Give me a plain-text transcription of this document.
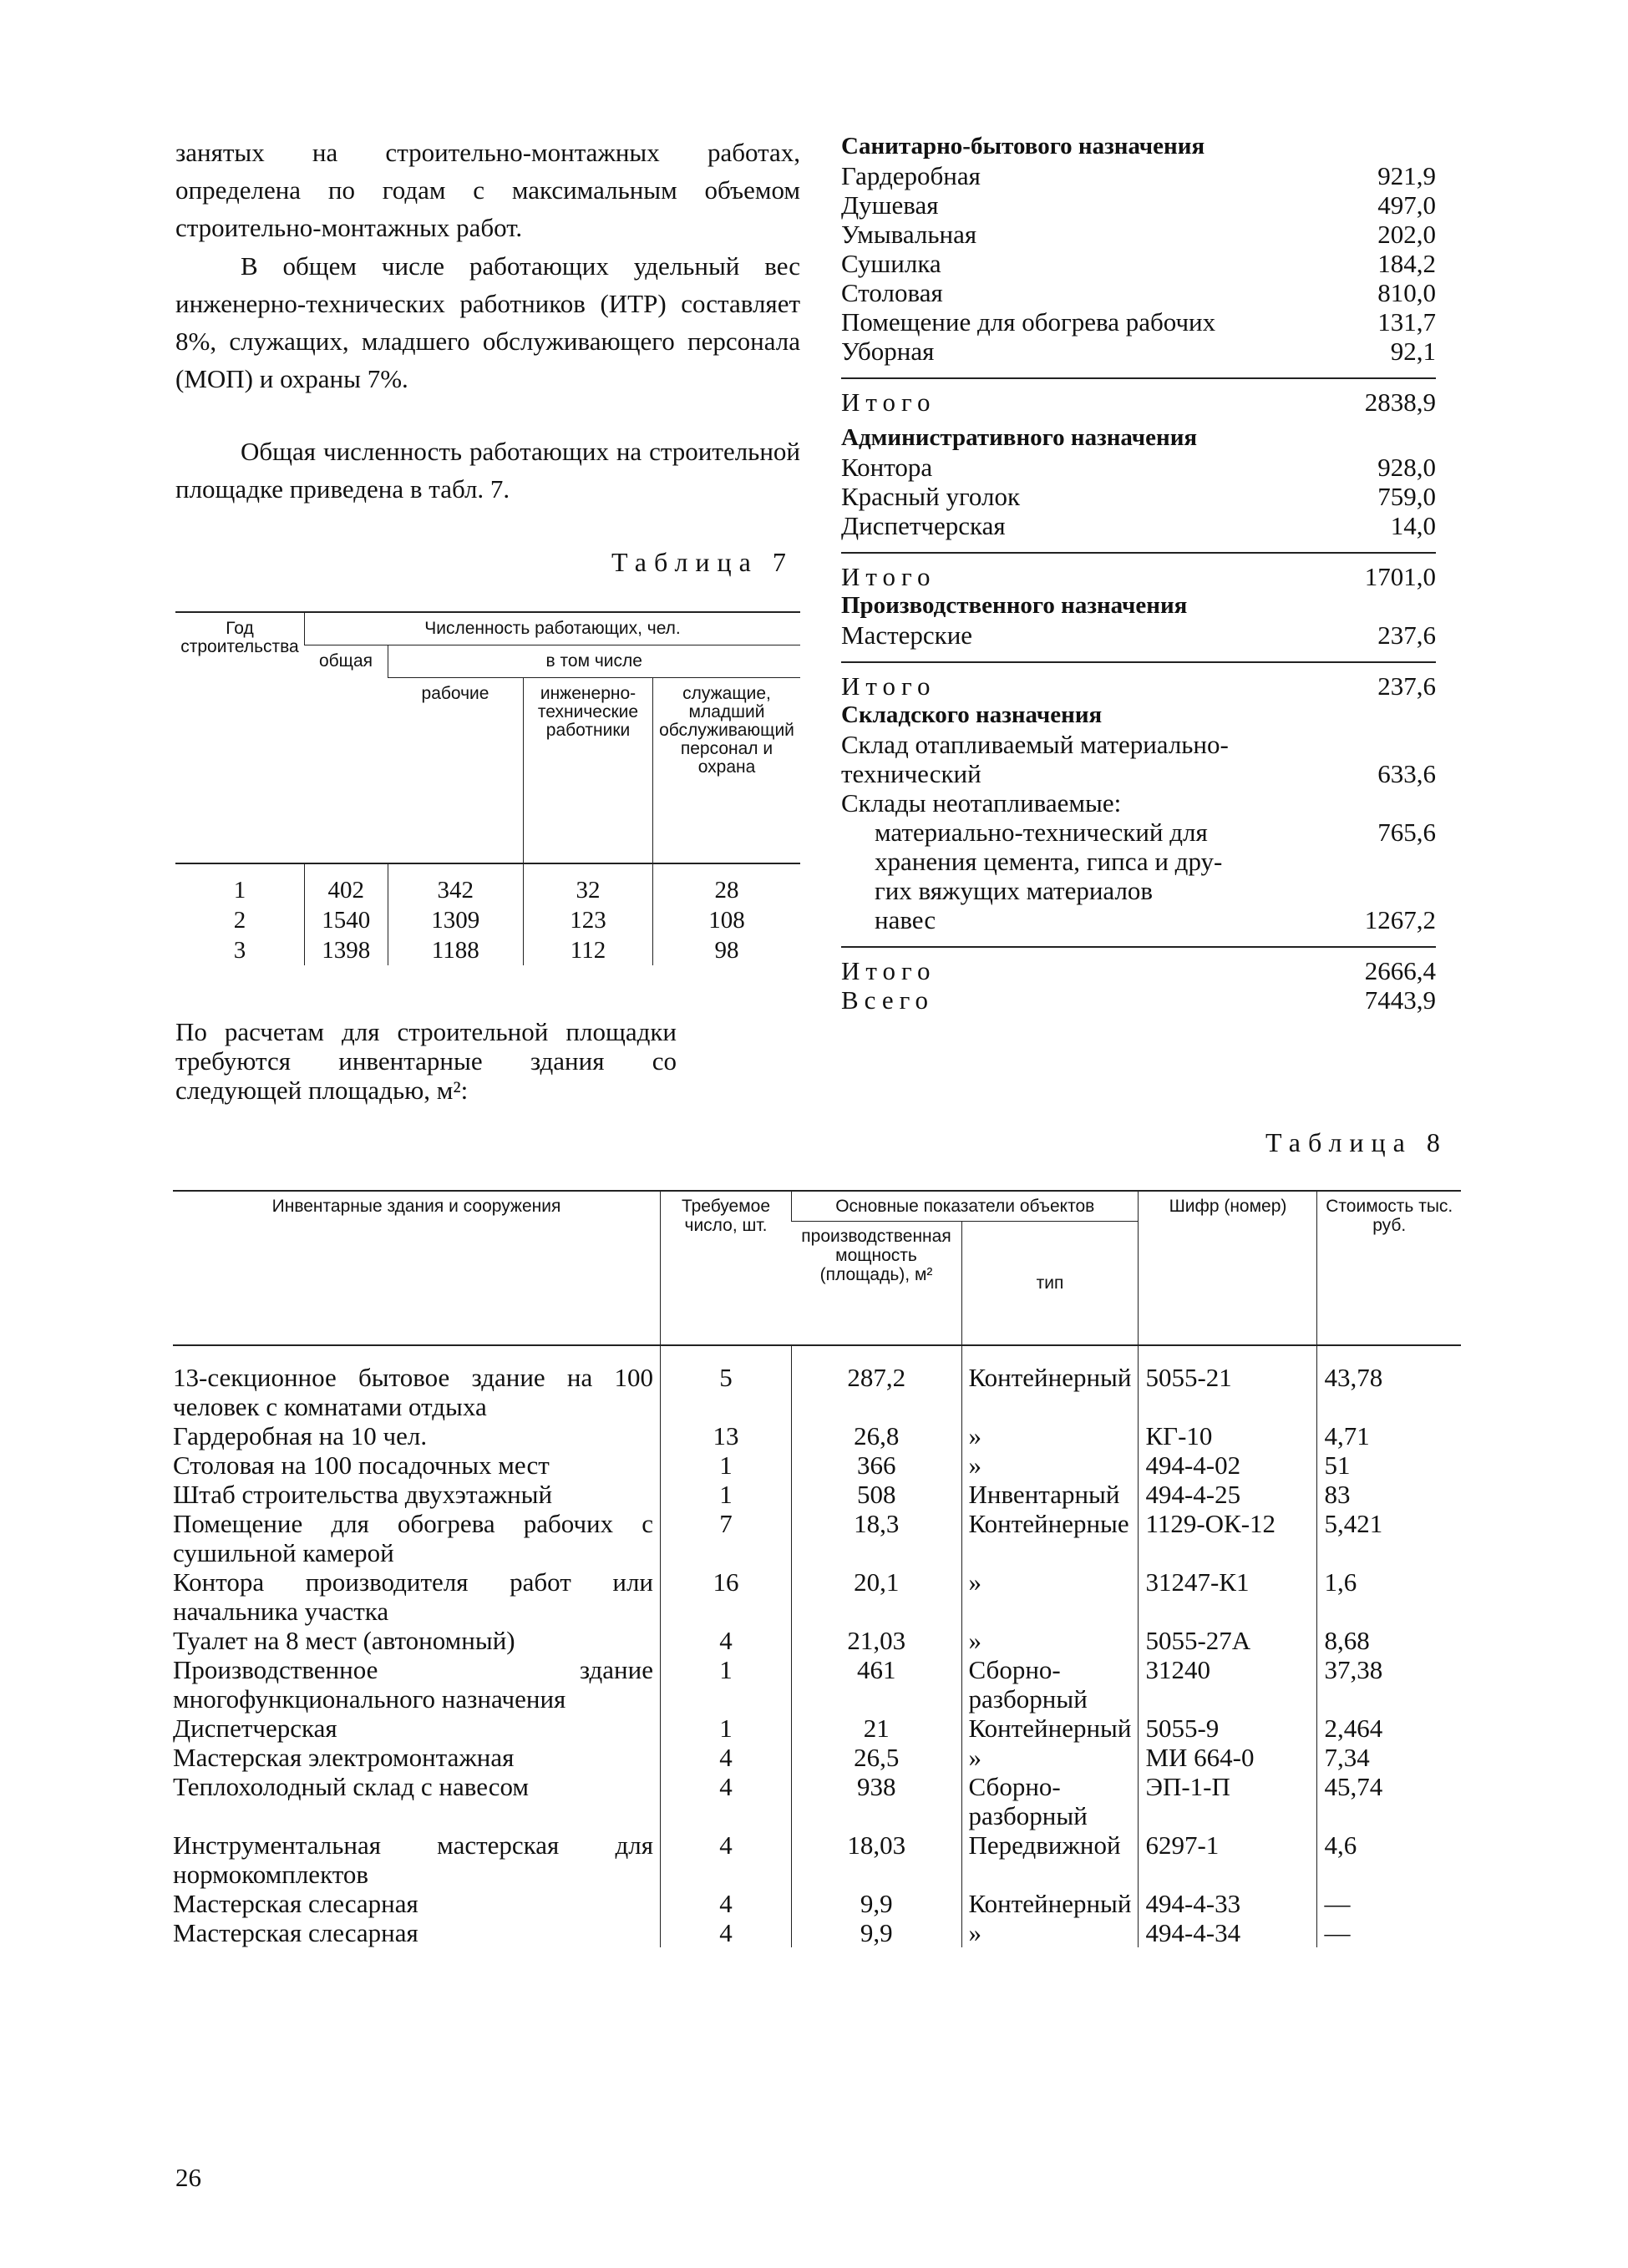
занятых на строительно-монтажных работах, определена по годам с максимальным объемом строительно-монтажных работ.
В общем числе работающих удельный вес инженерно-технических работников (ИТР) составляет 8%, служащих, младшего обслуживающего персонала (МОП) и охраны 7%.
Общая численность работающих на строительной площадке приведена в табл. 7.
Таблица 7
Год строительства	Численность работающих, чел.			
	общая	в том числе		
		рабочие	инженерно-технические работники	служащие, младший обслуживающий персонал и охрана
1	402	342	32	28
2	1540	1309	123	108
3	1398	1188	112	98
По расчетам для строительной площадки требуются инвентарные здания со следующей площадью, м²:
Санитарно-бытового назначения
Гардеробная	921,9
Душевая	497,0
Умывальная	202,0
Сушилка	184,2
Столовая	810,0
Помещение для обогрева рабочих	131,7
Уборная	92,1
Итого	2838,9
Административного назначения
Контора	928,0
Красный уголок	759,0
Диспетчерская	14,0
Итого	1701,0
Производственного назначения
Мастерские	237,6
Итого	237,6
Складского назначения
Склад отапливаемый материально-
технический	633,6
Склады неотапливаемые:
материально-технический для	765,6
хранения цемента, гипса и дру-
гих вяжущих материалов
навес	1267,2
Итого	2666,4
Всего	7443,9
Таблица 8
Инвентарные здания и сооружения	Требуемое число, шт.	Основные показатели объектов		Шифр (номер)	Стоимость тыс. руб.
		производственная мощность (площадь), м²	тип		
13-секционное бытовое здание на 100 человек с комнатами отдыха	5	287,2	Контейнерный	5055-21	43,78
Гардеробная на 10 чел.	13	26,8	»	КГ-10	4,71
Столовая на 100 посадочных мест	1	366	»	494-4-02	51
Штаб строительства двухэтажный	1	508	Инвентарный	494-4-25	83
Помещение для обогрева рабочих с сушильной камерой	7	18,3	Контейнерные	1129-ОК-12	5,421
Контора производителя работ или начальника участка	16	20,1	»	31247-К1	1,6
Туалет на 8 мест (автономный)	4	21,03	»	5055-27А	8,68
Производственное здание многофункционального назначения	1	461	Сборно-разборный	31240	37,38
Диспетчерская	1	21	Контейнерный	5055-9	2,464
Мастерская электромонтажная	4	26,5	»	МИ 664-0	7,34
Теплохолодный склад с навесом	4	938	Сборно-разборный	ЭП-1-П	45,74
Инструментальная мастерская для нормокомплектов	4	18,03	Передвижной	6297-1	4,6
Мастерская слесарная	4	9,9	Контейнерный	494-4-33	—
Мастерская слесарная	4	9,9	»	494-4-34	—
26
